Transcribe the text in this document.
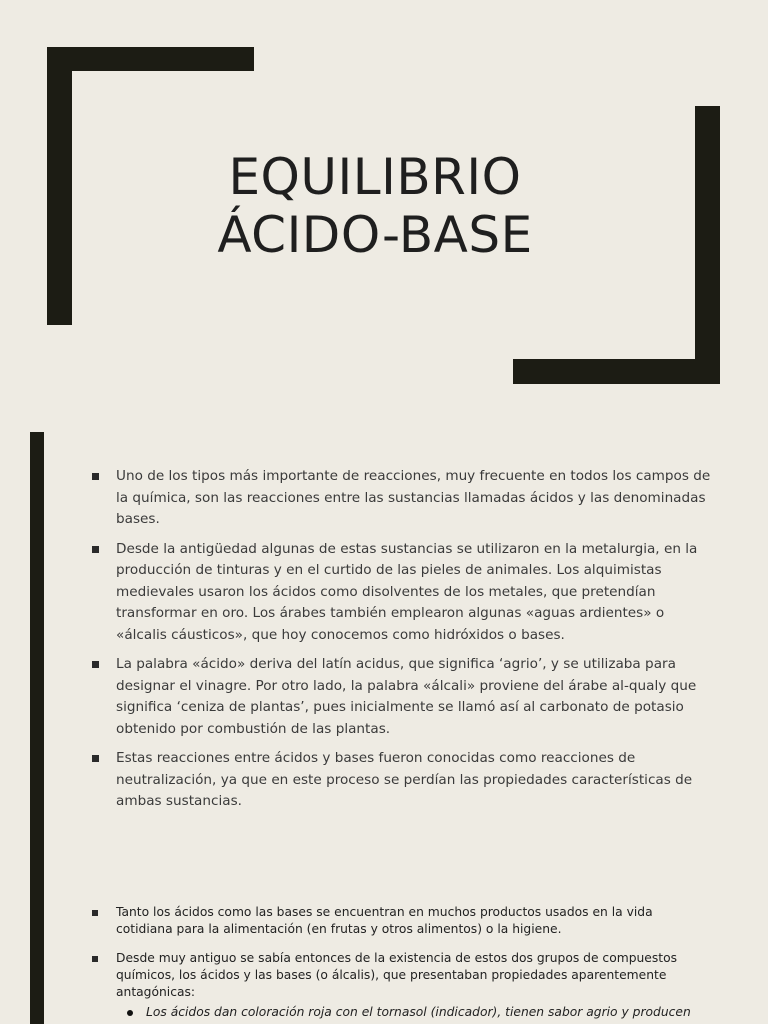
EQUILIBRIO
ÁCIDO-BASE
Uno de los tipos más importante de reacciones, muy frecuente en todos los campos de la química, son las reacciones entre las sustancias llamadas ácidos y las denominadas bases.
Desde la antigüedad algunas de estas sustancias se utilizaron en la metalurgia, en la producción de tinturas y en el curtido de las pieles de animales. Los alquimistas medievales usaron los ácidos como disolventes de los metales, que pretendían transformar en oro. Los árabes también emplearon algunas «aguas ardientes» o «álcalis cáusticos», que hoy conocemos como hidróxidos o bases.
La palabra «ácido» deriva del latín acidus, que significa ‘agrio’, y se utilizaba para designar el vinagre. Por otro lado, la palabra «álcali» proviene del árabe al-qualy que significa ‘ceniza de plantas’, pues inicialmente se llamó así al carbonato de potasio obtenido por combustión de las plantas.
Estas reacciones entre ácidos y bases fueron conocidas como reacciones de neutralización, ya que en este proceso se perdían las propiedades características de ambas sustancias.
Tanto los ácidos como las bases se encuentran en muchos productos usados en la vida cotidiana para la alimentación (en frutas y otros alimentos) o la higiene.
Desde muy antiguo se sabía entonces de la existencia de estos dos grupos de compuestos químicos, los ácidos y las bases (o álcalis), que presentaban propiedades aparentemente antagónicas:
Los ácidos dan coloración roja con el tornasol (indicador), tienen sabor agrio y producen
